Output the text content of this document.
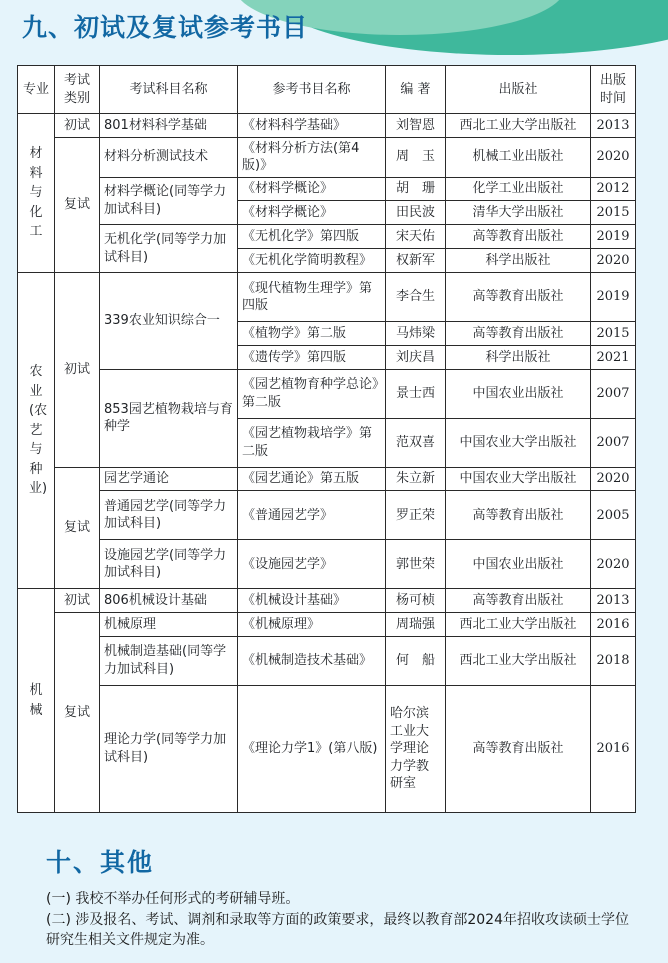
九、初试及复试参考书目
专业	考试类别	考试科目名称	参考书目名称	编 著	出版社	出版时间
材料与化工	初试	801材料科学基础	《材料科学基础》	刘智恩	西北工业大学出版社	2013
	复试	材料分析测试技术	《材料分析方法(第4版)》	周　玉	机械工业出版社	2020
		材料学概论(同等学力加试科目)	《材料学概论》	胡　珊	化学工业出版社	2012
			《材料学概论》	田民波	清华大学出版社	2015
		无机化学(同等学力加试科目)	《无机化学》第四版	宋天佑	高等教育出版社	2019
			《无机化学简明教程》	权新军	科学出版社	2020
农业(农艺与种业)	初试	339农业知识综合一	《现代植物生理学》第四版	李合生	高等教育出版社	2019
			《植物学》第二版	马炜梁	高等教育出版社	2015
			《遗传学》第四版	刘庆昌	科学出版社	2021
		853园艺植物栽培与育种学	《园艺植物育种学总论》第二版	景士西	中国农业出版社	2007
			《园艺植物栽培学》第二版	范双喜	中国农业大学出版社	2007
	复试	园艺学通论	《园艺通论》第五版	朱立新	中国农业大学出版社	2020
		普通园艺学(同等学力加试科目)	《普通园艺学》	罗正荣	高等教育出版社	2005
		设施园艺学(同等学力加试科目)	《设施园艺学》	郭世荣	中国农业出版社	2020
机械	初试	806机械设计基础	《机械设计基础》	杨可桢	高等教育出版社	2013
	复试	机械原理	《机械原理》	周瑞强	西北工业大学出版社	2016
		机械制造基础(同等学力加试科目)	《机械制造技术基础》	何　船	西北工业大学出版社	2018
		理论力学(同等学力加试科目)	《理论力学1》(第八版)	哈尔滨工业大学理论力学教研室	高等教育出版社	2016
十、其他

(一) 我校不举办任何形式的考研辅导班。

(二) 涉及报名、考试、调剂和录取等方面的政策要求，最终以教育部2024年招收攻读硕士学位研究生相关文件规定为准。
